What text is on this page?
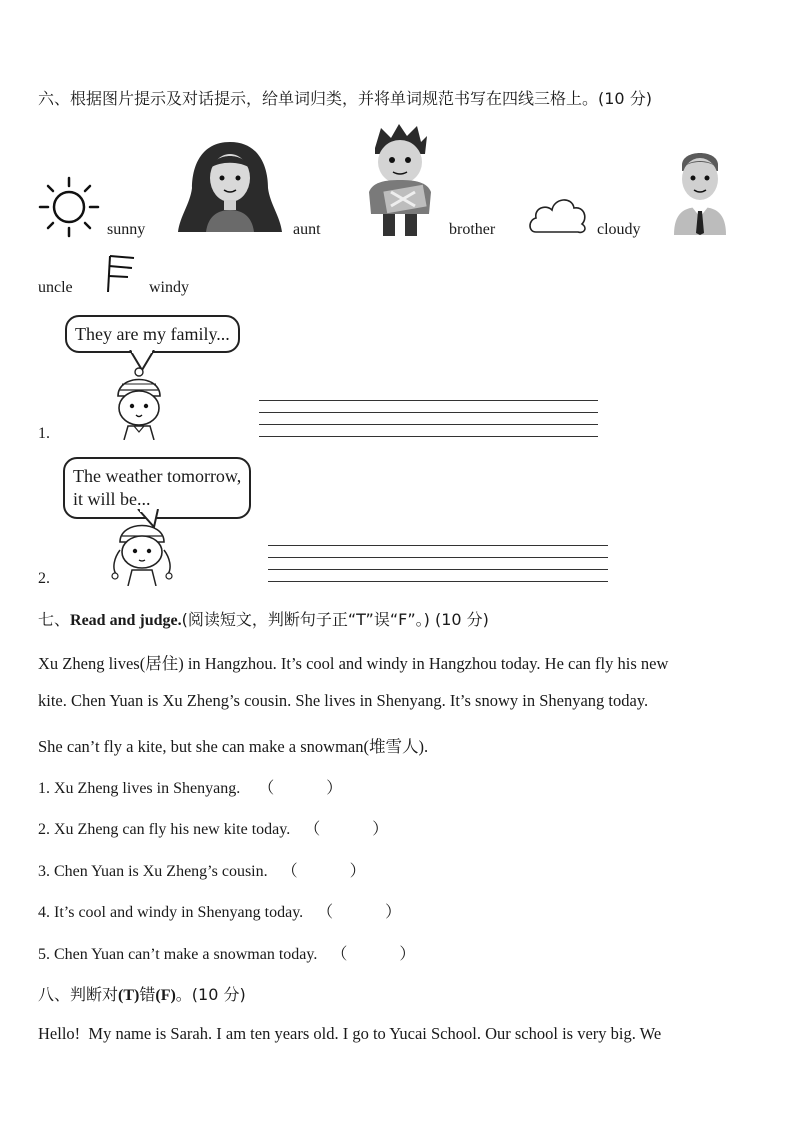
六、根据图片提示及对话提示，给单词归类，并将单词规范书写在四线三格上。(10 分)
sunny	aunt	brother	cloudy
uncle	windy
They are my family...
1.
The weather tomorrow,
it will be...
2.
七、Read and judge.(阅读短文，判断句子正“T”误“F”。) (10 分)
Xu Zheng lives(居住) in Hangzhou. It’s cool and windy in Hangzhou today. He can fly his new
kite. Chen Yuan is Xu Zheng’s cousin. She lives in Shenyang. It’s snowy in Shenyang today.
She can’t fly a kite, but she can make a snowman(堆雪人).
1. Xu Zheng lives in Shenyang. （	）
2. Xu Zheng can fly his new kite today. （	）
3. Chen Yuan is Xu Zheng’s cousin. （	）
4. It’s cool and windy in Shenyang today. （	）
5. Chen Yuan can’t make a snowman today. （	）
八、判断对(T)错(F)。(10 分)
Hello!  My name is Sarah. I am ten years old. I go to Yucai School. Our school is very big. We
